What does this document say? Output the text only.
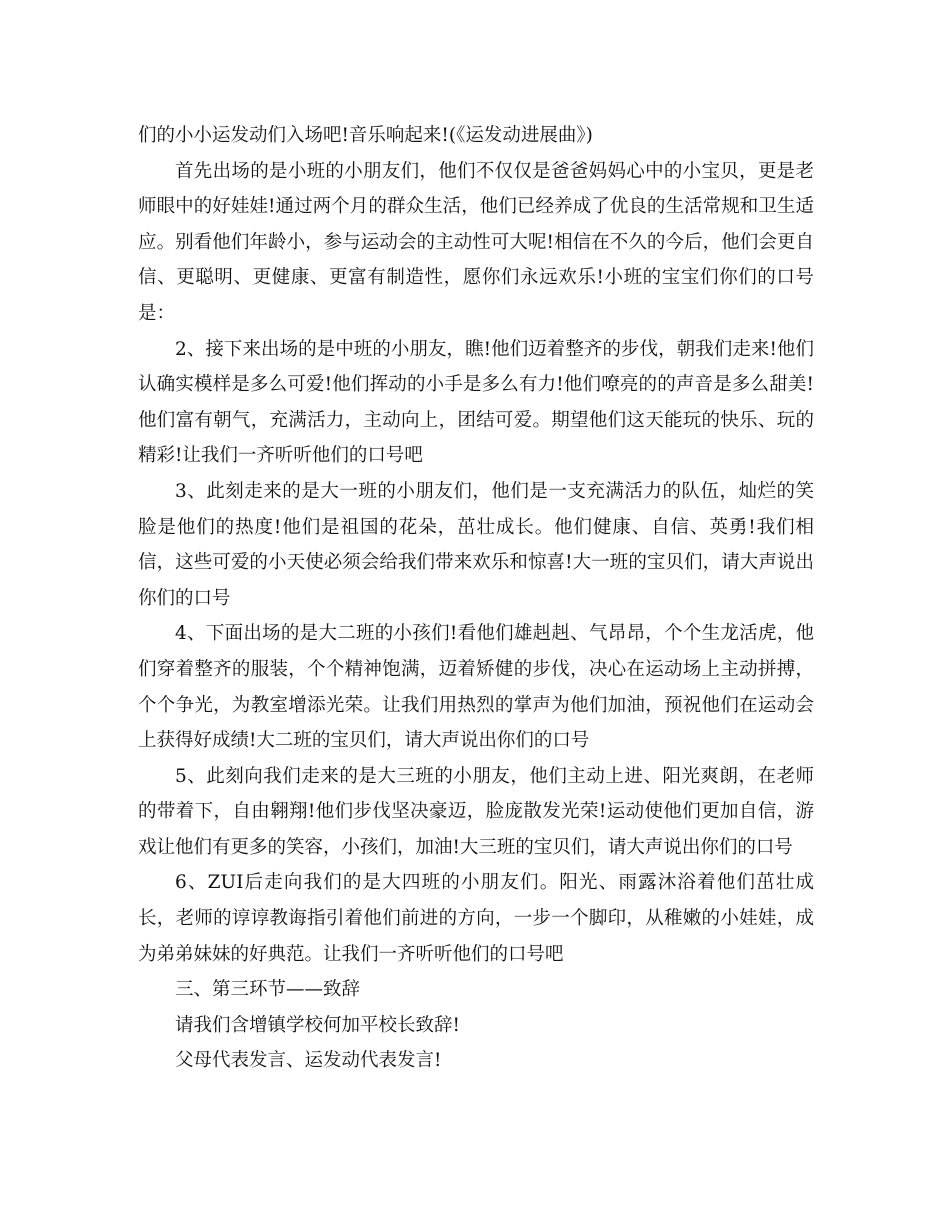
们的小小运发动们入场吧!音乐响起来!(《运发动进展曲》)

首先出场的是小班的小朋友们，他们不仅仅是爸爸妈妈心中的小宝贝，更是老师眼中的好娃娃!通过两个月的群众生活，他们已经养成了优良的生活常规和卫生适应。别看他们年龄小，参与运动会的主动性可大呢!相信在不久的今后，他们会更自信、更聪明、更健康、更富有制造性，愿你们永远欢乐!小班的宝宝们你们的口号是：

2、接下来出场的是中班的小朋友，瞧!他们迈着整齐的步伐，朝我们走来!他们认确实模样是多么可爱!他们挥动的小手是多么有力!他们嘹亮的的声音是多么甜美!他们富有朝气，充满活力，主动向上，团结可爱。期望他们这天能玩的快乐、玩的精彩!让我们一齐听听他们的口号吧

3、此刻走来的是大一班的小朋友们，他们是一支充满活力的队伍，灿烂的笑脸是他们的热度!他们是祖国的花朵，茁壮成长。他们健康、自信、英勇!我们相信，这些可爱的小天使必须会给我们带来欢乐和惊喜!大一班的宝贝们，请大声说出你们的口号

4、下面出场的是大二班的小孩们!看他们雄赳赳、气昂昂，个个生龙活虎，他们穿着整齐的服装，个个精神饱满，迈着矫健的步伐，决心在运动场上主动拼搏，个个争光，为教室增添光荣。让我们用热烈的掌声为他们加油，预祝他们在运动会上获得好成绩!大二班的宝贝们，请大声说出你们的口号

5、此刻向我们走来的是大三班的小朋友，他们主动上进、阳光爽朗，在老师的带着下，自由翱翔!他们步伐坚决豪迈，脸庞散发光荣!运动使他们更加自信，游戏让他们有更多的笑容，小孩们，加油!大三班的宝贝们，请大声说出你们的口号

6、ZUI后走向我们的是大四班的小朋友们。阳光、雨露沐浴着他们茁壮成长，老师的谆谆教诲指引着他们前进的方向，一步一个脚印，从稚嫩的小娃娃，成为弟弟妹妹的好典范。让我们一齐听听他们的口号吧

三、第三环节——致辞

请我们含增镇学校何加平校长致辞!

父母代表发言、运发动代表发言!
